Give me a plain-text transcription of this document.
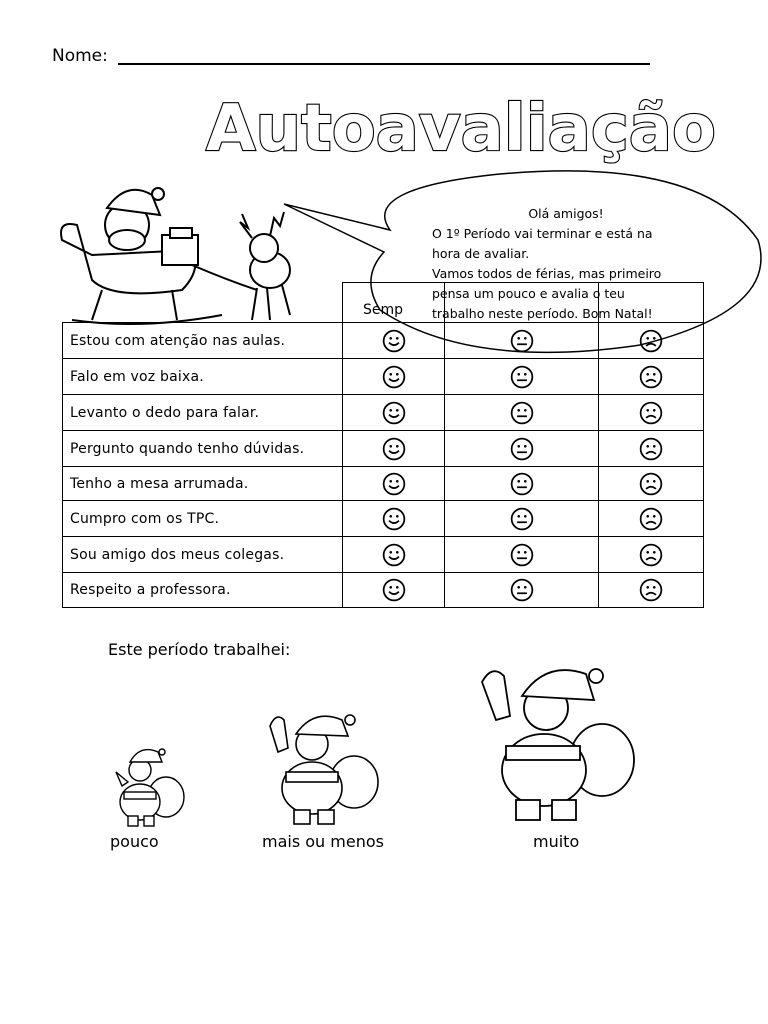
Nome:
Autoavaliação
Olá amigos!
O 1º Período vai terminar e está na
hora de avaliar.
Vamos todos de férias, mas primeiro
pensa um pouco e avalia o teu
trabalho neste período. Bom Natal!
Semp
Estou com atenção nas aulas.
Falo em voz baixa.
Levanto o dedo para falar.
Pergunto quando tenho dúvidas.
Tenho a mesa arrumada.
Cumpro com os TPC.
Sou amigo dos meus colegas.
Respeito a professora.
Este período trabalhei:
pouco	mais ou menos	muito
